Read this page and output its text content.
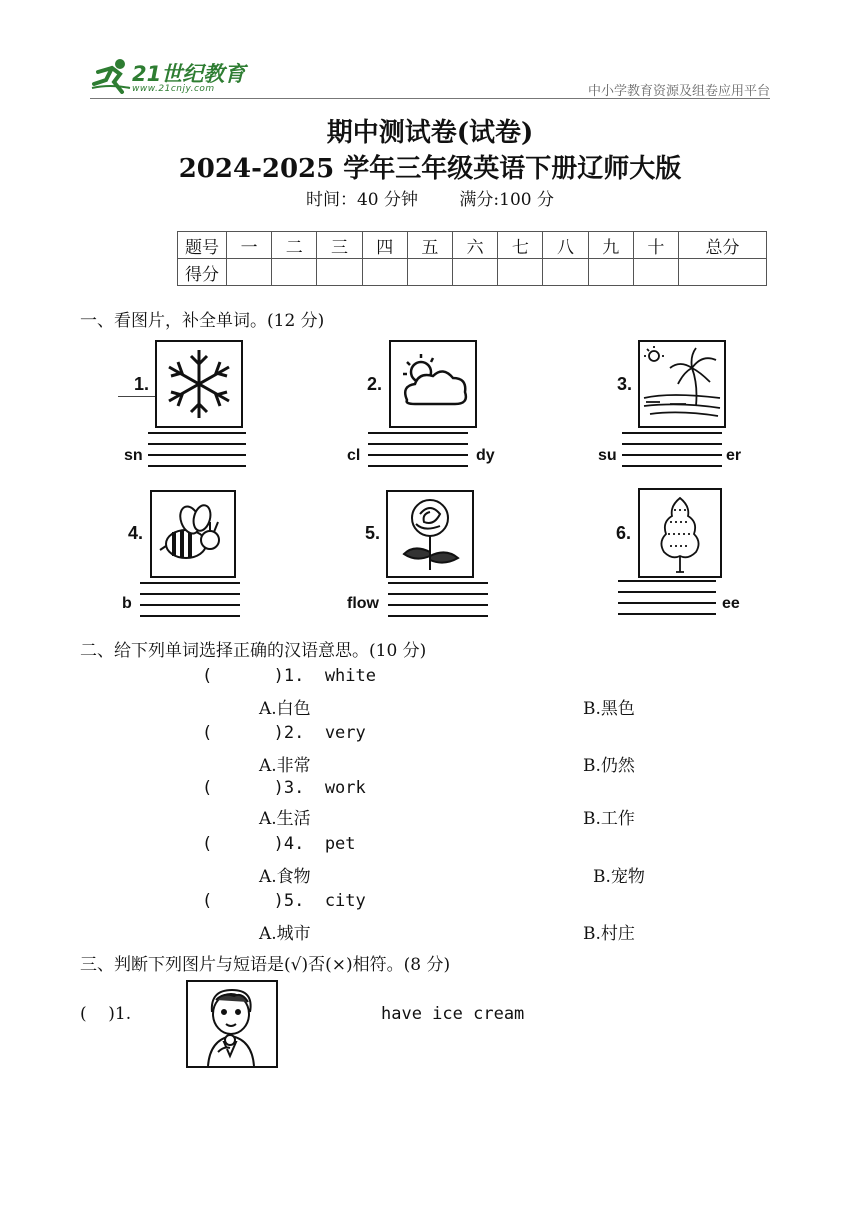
21世纪教育
www.21cnjy.com	中小学教育资源及组卷应用平台
期中测试卷(试卷)
2024-2025 学年三年级英语下册辽师大版
时间：40 分钟 满分:100 分
题号	一	二	三	四	五	六	七	八	九	十	总分
得分											
一、看图片，补全单词。(12 分)
1.
sn
2.
cl	dy
3.
su	er
4.
b
5.
flow
6.
ee
二、给下列单词选择正确的汉语意思。(10 分)
(      )1.  white
A.白色	B.黑色
(      )2.  very
A.非常	B.仍然
(      )3.  work
A.生活	B.工作
(      )4.  pet
A.食物	B.宠物
(      )5.  city
A.城市	B.村庄
三、判断下列图片与短语是(√)否(×)相符。(8 分)
(    )1.	have ice cream
